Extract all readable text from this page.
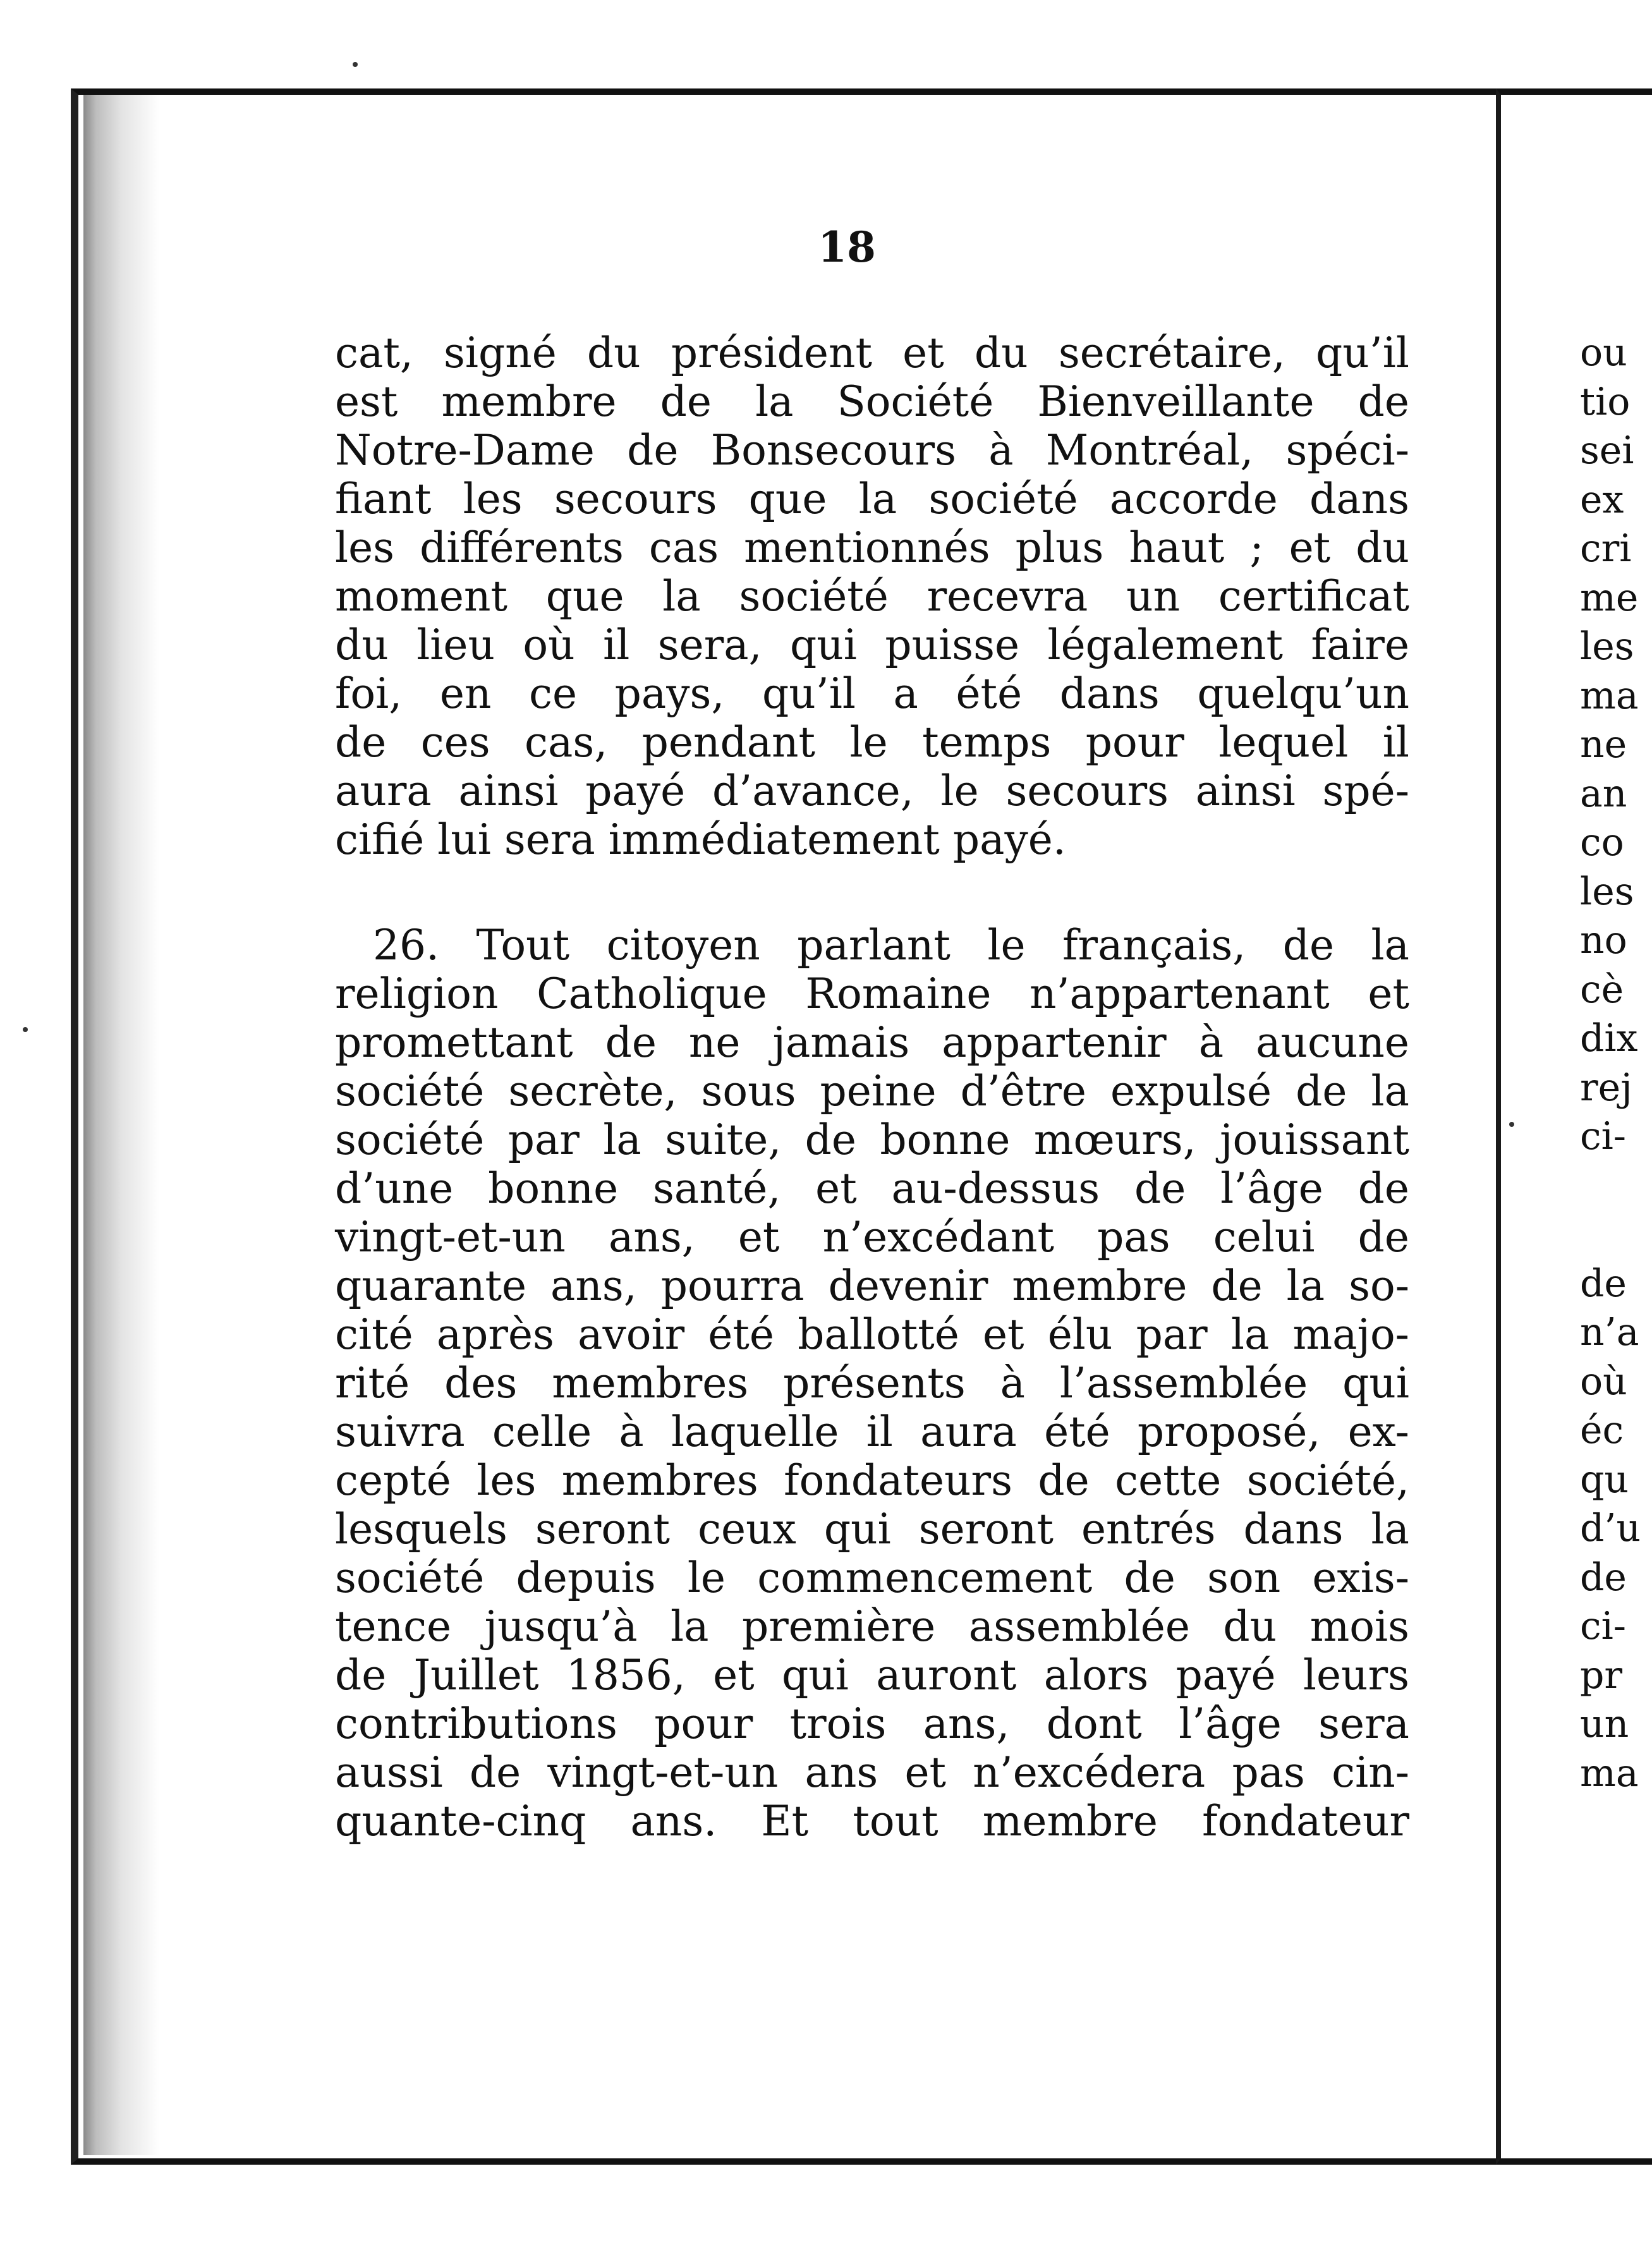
18
cat, signé du président et du secrétaire, qu’il
est membre de la Société Bienveillante de
Notre-Dame de Bonsecours à Montréal, spéci-
fiant les secours que la société accorde dans
les différents cas mentionnés plus haut ; et du
moment que la société recevra un certificat
du lieu où il sera, qui puisse légalement faire
foi, en ce pays, qu’il a été dans quelqu’un
de ces cas, pendant le temps pour lequel il
aura ainsi payé d’avance, le secours ainsi spé-
cifié lui sera immédiatement payé.
26. Tout citoyen parlant le français, de la
religion Catholique Romaine n’appartenant et
promettant de ne jamais appartenir à aucune
société secrète, sous peine d’être expulsé de la
société par la suite, de bonne mœurs, jouissant
d’une bonne santé, et au-dessus de l’âge de
vingt-et-un ans, et n’excédant pas celui de
quarante ans, pourra devenir membre de la so-
cité après avoir été ballotté et élu par la majo-
rité des membres présents à l’assemblée qui
suivra celle à laquelle il aura été proposé, ex-
cepté les membres fondateurs de cette société,
lesquels seront ceux qui seront entrés dans la
société depuis le commencement de son exis-
tence jusqu’à la première assemblée du mois
de Juillet 1856, et qui auront alors payé leurs
contributions pour trois ans, dont l’âge sera
aussi de vingt-et-un ans et n’excédera pas cin-
quante-cinq ans. Et tout membre fondateur
ou
tio
sei
ex
cri
me
les
ma
ne
an
co
les
no
cè
dix
rej
ci-
de
n’a
où
éc
qu
d’u
de
ci-
pr
un
ma
